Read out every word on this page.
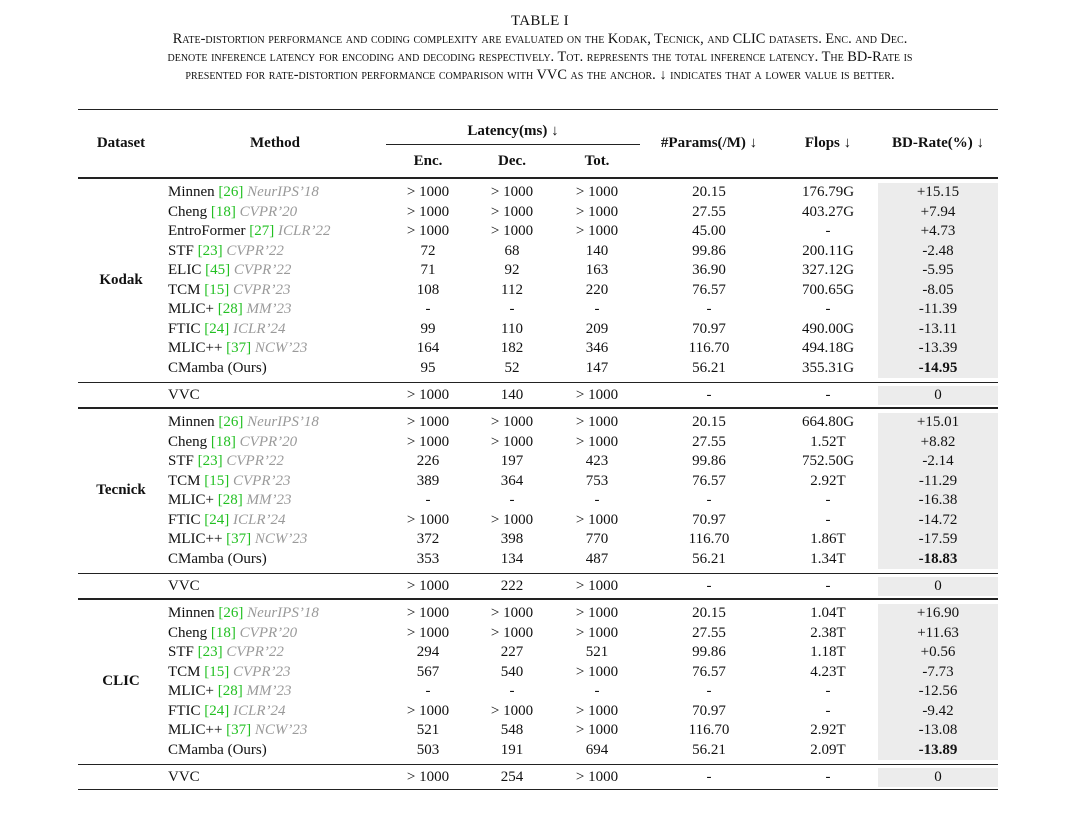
TABLE I

Rate-distortion performance and coding complexity are evaluated on the Kodak, Tecnick, and CLIC datasets. Enc. and Dec.

denote inference latency for encoding and decoding respectively. Tot. represents the total inference latency. The BD-Rate is

presented for rate-distortion performance comparison with VVC as the anchor. ↓ indicates that a lower value is better.

Dataset	Method	Latency(ms) ↓			#Params(/M) ↓	Flops ↓	BD-Rate(%) ↓
		Enc.	Dec.	Tot.			

Kodak	Minnen [26] NeurIPS’18	> 1000	> 1000	> 1000	20.15	176.79G	+15.15
	Cheng [18] CVPR’20	> 1000	> 1000	> 1000	27.55	403.27G	+7.94
	EntroFormer [27] ICLR’22	> 1000	> 1000	> 1000	45.00	-	+4.73
	STF [23] CVPR’22	72	68	140	99.86	200.11G	-2.48
	ELIC [45] CVPR’22	71	92	163	36.90	327.12G	-5.95
	TCM [15] CVPR’23	108	112	220	76.57	700.65G	-8.05
	MLIC+ [28] MM’23	-	-	-	-	-	-11.39
	FTIC [24] ICLR’24	99	110	209	70.97	490.00G	-13.11
	MLIC++ [37] NCW’23	164	182	346	116.70	494.18G	-13.39
	CMamba (Ours)	95	52	147	56.21	355.31G	-14.95

	VVC	> 1000	140	> 1000	-	-	0

Tecnick	Minnen [26] NeurIPS’18	> 1000	> 1000	> 1000	20.15	664.80G	+15.01
	Cheng [18] CVPR’20	> 1000	> 1000	> 1000	27.55	1.52T	+8.82
	STF [23] CVPR’22	226	197	423	99.86	752.50G	-2.14
	TCM [15] CVPR’23	389	364	753	76.57	2.92T	-11.29
	MLIC+ [28] MM’23	-	-	-	-	-	-16.38
	FTIC [24] ICLR’24	> 1000	> 1000	> 1000	70.97	-	-14.72
	MLIC++ [37] NCW’23	372	398	770	116.70	1.86T	-17.59
	CMamba (Ours)	353	134	487	56.21	1.34T	-18.83

	VVC	> 1000	222	> 1000	-	-	0

CLIC	Minnen [26] NeurIPS’18	> 1000	> 1000	> 1000	20.15	1.04T	+16.90
	Cheng [18] CVPR’20	> 1000	> 1000	> 1000	27.55	2.38T	+11.63
	STF [23] CVPR’22	294	227	521	99.86	1.18T	+0.56
	TCM [15] CVPR’23	567	540	> 1000	76.57	4.23T	-7.73
	MLIC+ [28] MM’23	-	-	-	-	-	-12.56
	FTIC [24] ICLR’24	> 1000	> 1000	> 1000	70.97	-	-9.42
	MLIC++ [37] NCW’23	521	548	> 1000	116.70	2.92T	-13.08
	CMamba (Ours)	503	191	694	56.21	2.09T	-13.89

	VVC	> 1000	254	> 1000	-	-	0
